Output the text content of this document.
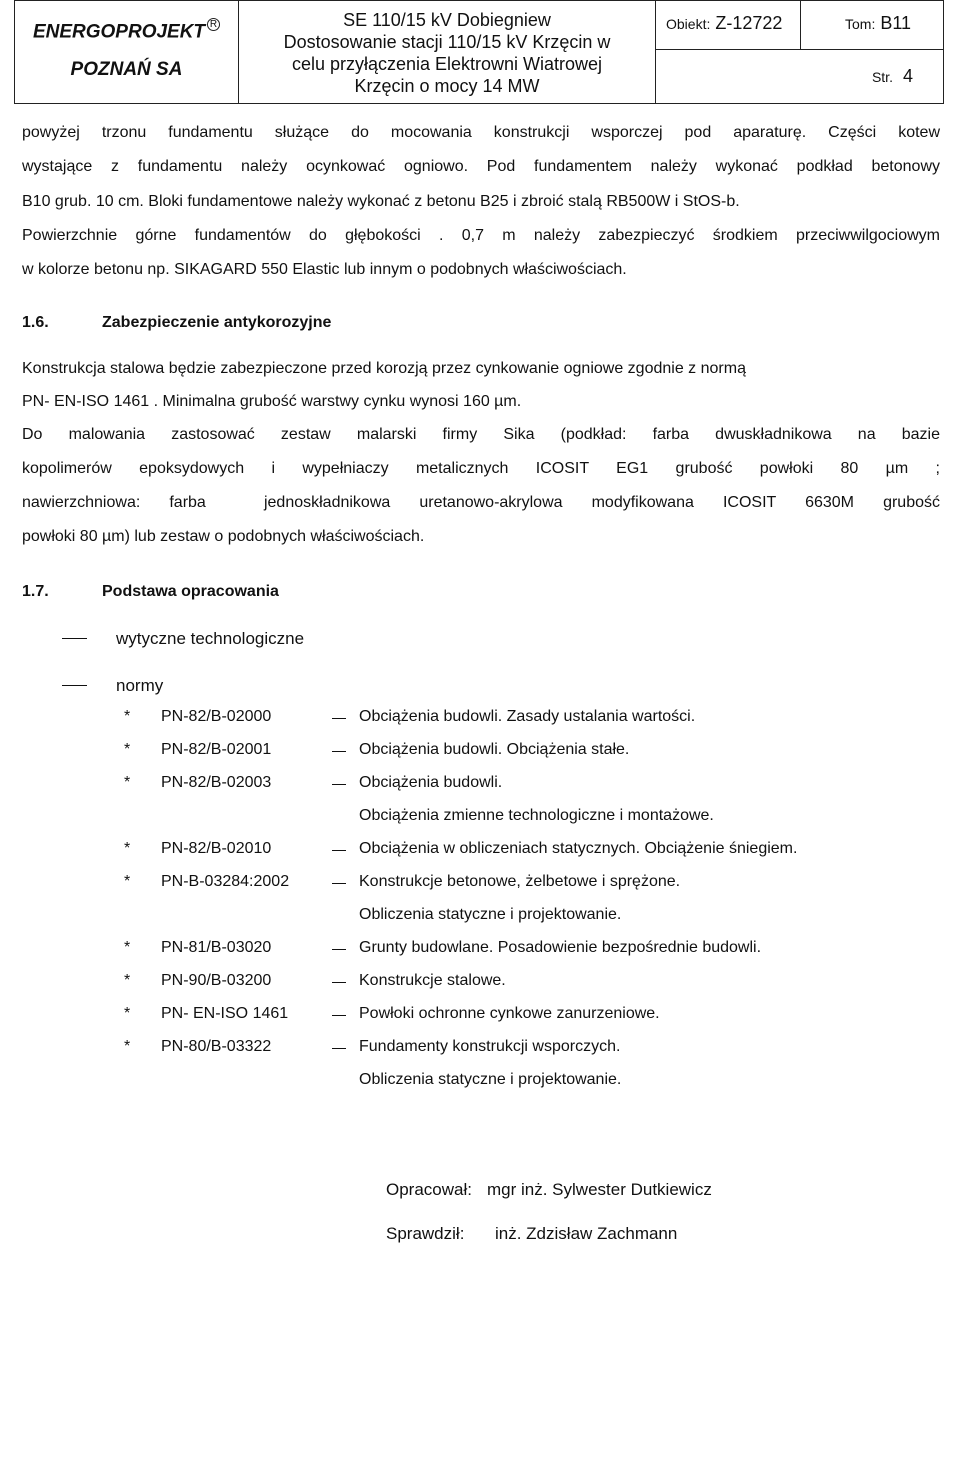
ENERGOPROJEKT $^R$
POZNAŃ SA
SE 110/15 kV Dobiegniew
Dostosowanie stacji 110/15 kV Krzęcin w
celu przyłączenia Elektrowni Wiatrowej
Krzęcin o mocy 14 MW
Obiekt: Z-12722	Tom: B11
Str. 4
powyżej trzonu fundamentu służące do mocowania konstrukcji wsporczej pod aparaturę. Części kotew
wystające z fundamentu należy ocynkować ogniowo. Pod fundamentem należy wykonać podkład betonowy
B10 grub. 10 cm. Bloki fundamentowe należy wykonać z betonu B25 i zbroić stalą RB500W i StOS-b.
Powierzchnie górne fundamentów do głębokości . 0,7 m należy zabezpieczyć środkiem przeciwwilgociowym
w kolorze betonu np. SIKAGARD 550 Elastic lub innym o podobnych właściwościach.
1.6.	Zabezpieczenie antykorozyjne
Konstrukcja stalowa będzie zabezpieczone przed korozją przez cynkowanie ogniowe zgodnie z normą
PN- EN-ISO 1461 . Minimalna grubość warstwy cynku wynosi 160 µm.
Do malowania zastosować zestaw malarski firmy Sika (podkład: farba dwuskładnikowa na bazie
kopolimerów epoksydowych i wypełniaczy metalicznych ICOSIT EG1 grubość powłoki 80 µm ;
nawierzchniowa: farba  jednoskładnikowa uretanowo-akrylowa modyfikowana ICOSIT 6630M grubość
powłoki 80 µm) lub zestaw o podobnych właściwościach.
1.7.	Podstawa opracowania
wytyczne technologiczne
normy
* PN-82/B-02000	Obciążenia budowli. Zasady ustalania wartości.
* PN-82/B-02001	Obciążenia budowli. Obciążenia stałe.
* PN-82/B-02003	Obciążenia budowli.
Obciążenia zmienne technologiczne i montażowe.
* PN-82/B-02010	Obciążenia w obliczeniach statycznych. Obciążenie śniegiem.
* PN-B-03284:2002	Konstrukcje betonowe, żelbetowe i sprężone.
Obliczenia statyczne i projektowanie.
* PN-81/B-03020	Grunty budowlane. Posadowienie bezpośrednie budowli.
* PN-90/B-03200	Konstrukcje stalowe.
* PN- EN-ISO 1461	Powłoki ochronne cynkowe zanurzeniowe.
* PN-80/B-03322	Fundamenty konstrukcji wsporczych.
Obliczenia statyczne i projektowanie.
Opracował: mgr inż. Sylwester Dutkiewicz
Sprawdził: inż. Zdzisław Zachmann
